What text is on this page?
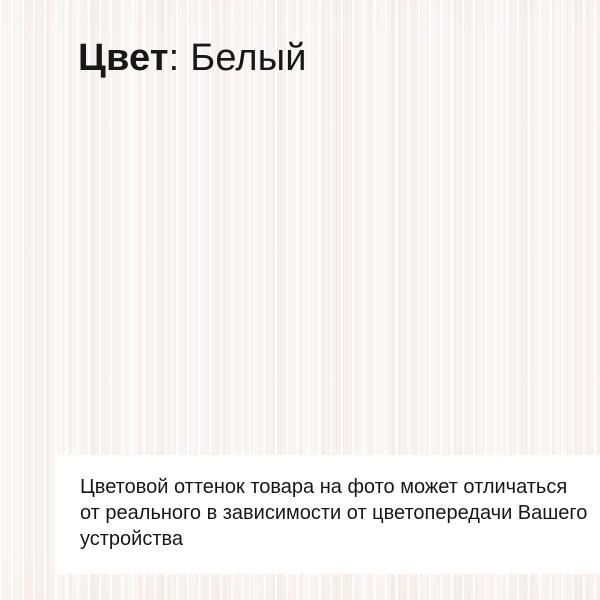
Цвет: Белый
Цветовой оттенок товара на фото может отличаться
от реального в зависимости от цветопередачи Вашего
устройства
